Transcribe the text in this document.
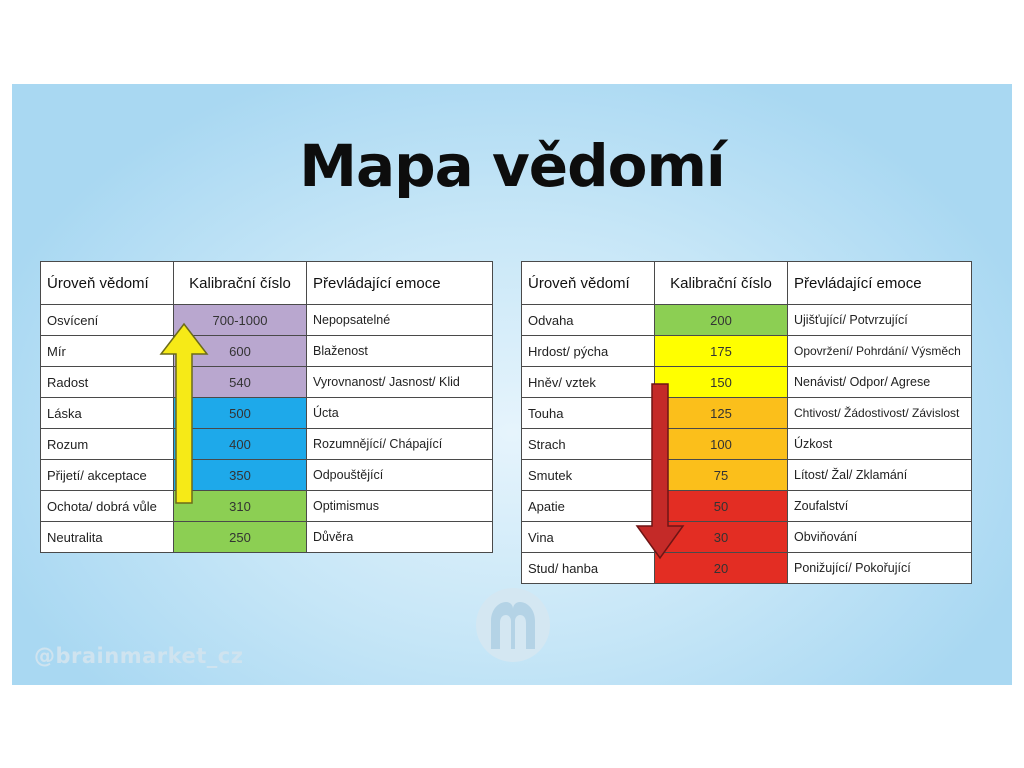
Mapa vědomí
Úroveň vědomí	Kalibrační číslo	Převládající emoce
Osvícení	700-1000	Nepopsatelné
Mír	600	Blaženost
Radost	540	Vyrovnanost/ Jasnost/ Klid
Láska	500	Úcta
Rozum	400	Rozumnějící/ Chápající
Přijetí/ akceptace	350	Odpouštějící
Ochota/ dobrá vůle	310	Optimismus
Neutralita	250	Důvěra
Úroveň vědomí	Kalibrační číslo	Převládající emoce
Odvaha	200	Ujišťující/ Potvrzující
Hrdost/ pýcha	175	Opovržení/ Pohrdání/ Výsměch
Hněv/ vztek	150	Nenávist/ Odpor/ Agrese
Touha	125	Chtivost/ Žádostivost/ Závislost
Strach	100	Úzkost
Smutek	75	Lítost/ Žal/ Zklamání
Apatie	50	Zoufalství
Vina	30	Obviňování
Stud/ hanba	20	Ponižující/ Pokořující
@brainmarket_cz
